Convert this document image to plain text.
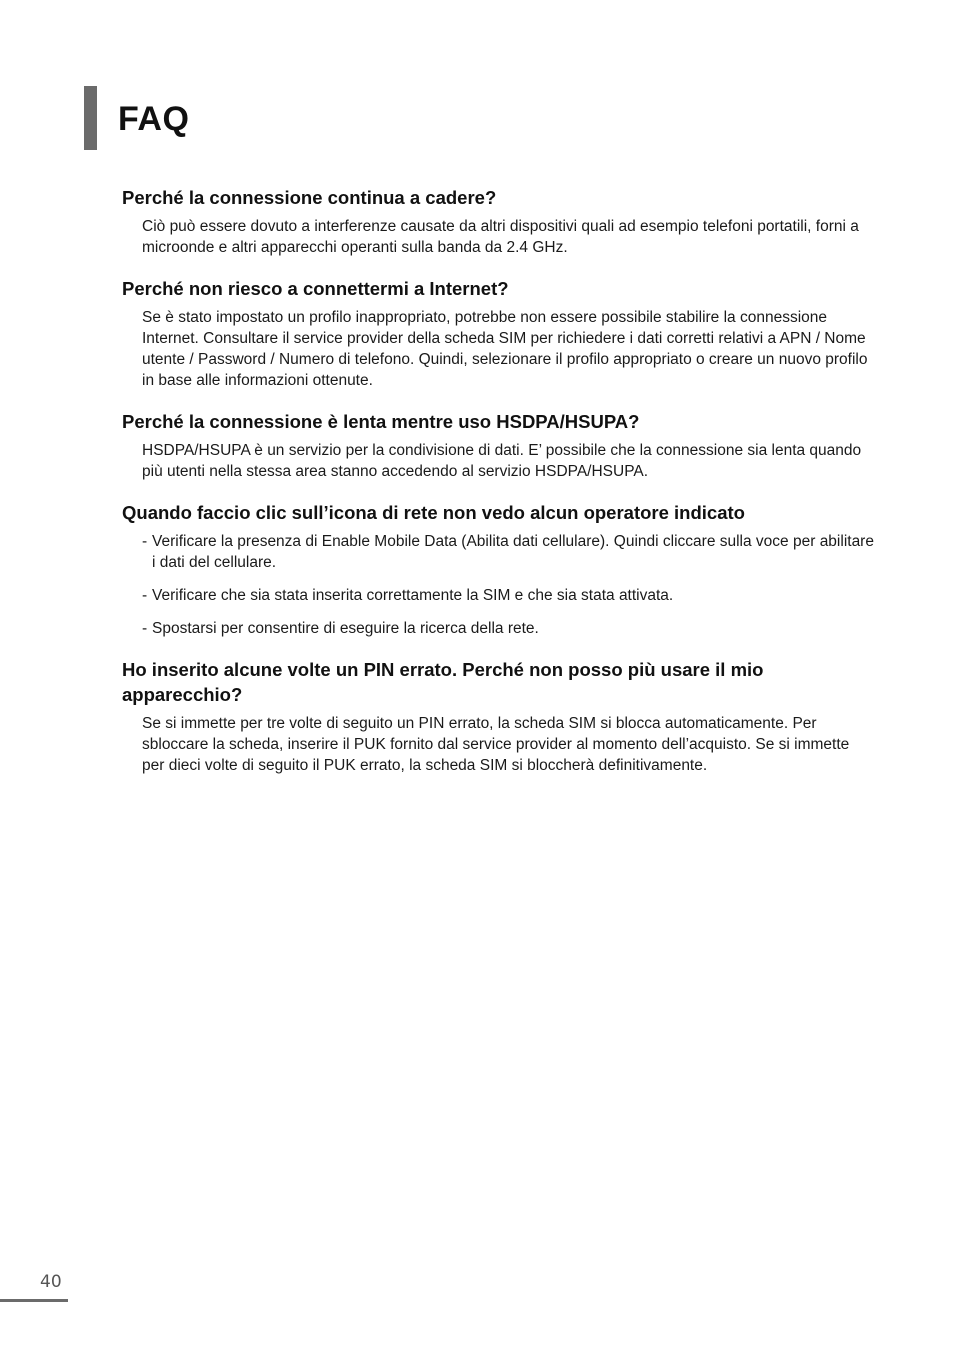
FAQ

Perché la connessione continua a cadere?

Ciò può essere dovuto a interferenze causate da altri dispositivi quali ad esempio telefoni portatili, forni a microonde e altri apparecchi operanti sulla banda da 2.4 GHz.

Perché non riesco a connettermi a Internet?

Se è stato impostato un profilo inappropriato, potrebbe non essere possibile stabilire la connessione Internet. Consultare il service provider della scheda SIM per richiedere i dati corretti relativi a APN / Nome utente / Password / Numero di telefono. Quindi, selezionare il profilo appropriato o creare un nuovo profilo in base alle informazioni ottenute.

Perché la connessione è lenta mentre uso HSDPA/HSUPA?

HSDPA/HSUPA è un servizio per la condivisione di dati. E’ possibile che la connessione sia lenta quando più utenti nella stessa area stanno accedendo al servizio HSDPA/HSUPA.

Quando faccio clic sull’icona di rete non vedo alcun operatore indicato

- Verificare la presenza di Enable Mobile Data (Abilita dati cellulare). Quindi cliccare sulla voce per abilitare i dati del cellulare.
- Verificare che sia stata inserita correttamente la SIM e che sia stata attivata.
- Spostarsi per consentire di eseguire la ricerca della rete.

Ho inserito alcune volte un PIN errato. Perché non posso più usare il mio apparecchio?

Se si immette per tre volte di seguito un PIN errato, la scheda SIM si blocca automaticamente. Per sbloccare la scheda, inserire il PUK fornito dal service provider al momento dell’acquisto. Se si immette per dieci volte di seguito il PUK errato, la scheda SIM si bloccherà definitivamente.

40
